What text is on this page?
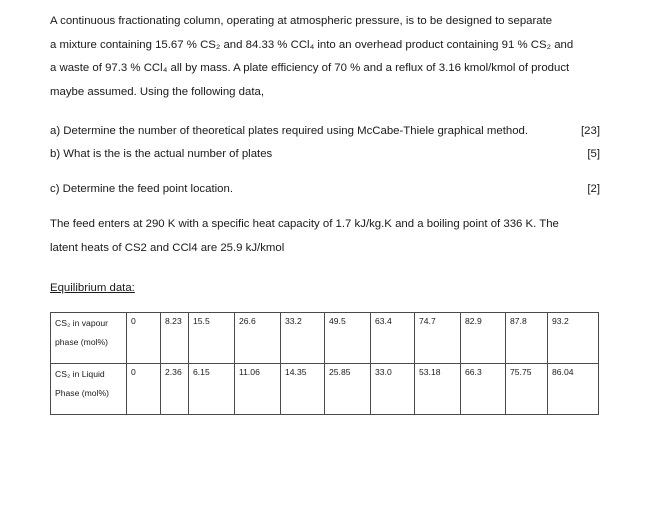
A continuous fractionating column, operating at atmospheric pressure, is to be designed to separate
a mixture containing 15.67 % CS₂ and 84.33 % CCl₄ into an overhead product containing 91 % CS₂ and
a waste of 97.3 % CCl₄ all by mass. A plate efficiency of 70 % and a reflux of 3.16 kmol/kmol of product
maybe assumed. Using the following data,
a) Determine the number of theoretical plates required using McCabe-Thiele graphical method.	[23]
b) What is the is the actual number of plates	[5]
c) Determine the feed point location.	[2]
The feed enters at 290 K with a specific heat capacity of 1.7 kJ/kg.K and a boiling point of 336 K. The
latent heats of CS2 and CCl4 are 25.9 kJ/kmol
Equilibrium data:
CS₂ in vapour
phase (mol%)	0	8.23	15.5	26.6	33.2	49.5	63.4	74.7	82.9	87.8	93.2

CS₂ in Liquid
Phase (mol%)	0	2.36	6.15	11.06	14.35	25.85	33.0	53.18	66.3	75.75	86.04
